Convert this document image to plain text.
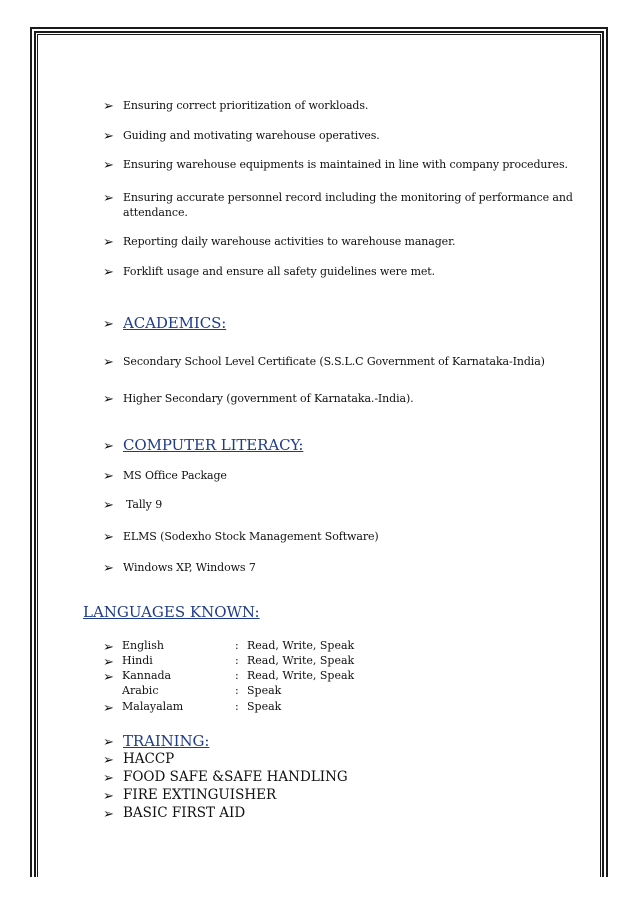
➢ Ensuring correct prioritization of workloads.
➢ Guiding and motivating warehouse operatives.
➢ Ensuring warehouse equipments is maintained in line with company procedures.
➢ Ensuring accurate personnel record including the monitoring of performance and
attendance.
➢ Reporting daily warehouse activities to warehouse manager.
➢ Forklift usage and ensure all safety guidelines were met.
➢ ACADEMICS:
➢ Secondary School Level Certificate (S.S.L.C Government of Karnataka-India)
➢ Higher Secondary (government of Karnataka.-India).
➢ COMPUTER LITERACY:
➢ MS Office Package
➢ Tally 9
➢ ELMS (Sodexho Stock Management Software)
➢ Windows XP, Windows 7
LANGUAGES KNOWN:
➢ English	: Read, Write, Speak
➢ Hindi	: Read, Write, Speak
➢ Kannada	: Read, Write, Speak
Arabic	: Speak
➢ Malayalam	: Speak
➢ TRAINING:
➢ HACCP
➢ FOOD SAFE &SAFE HANDLING
➢ FIRE EXTINGUISHER
➢ BASIC FIRST AID
